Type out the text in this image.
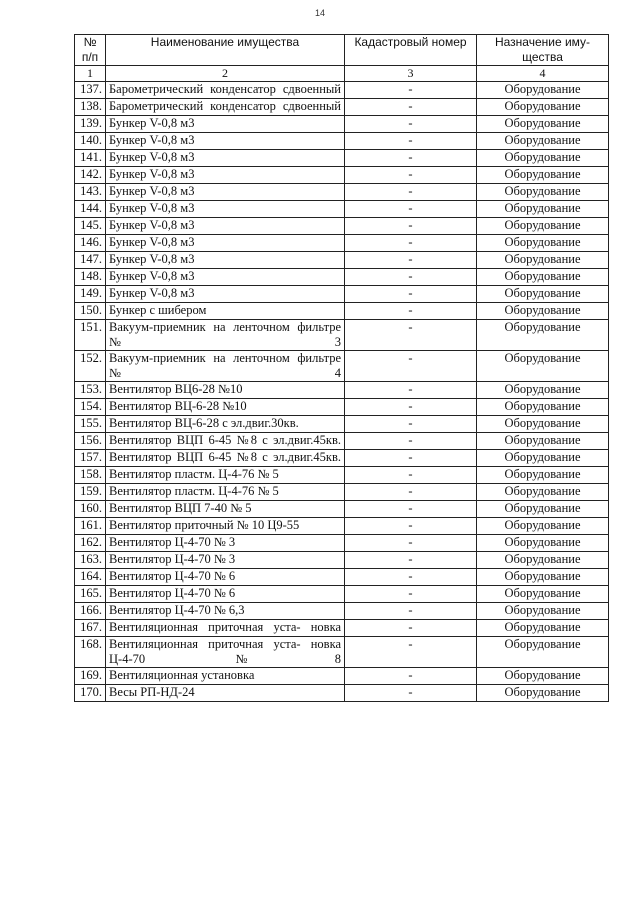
14
№ п/п	Наименование имущества	Кадастровый номер	Назначение иму- щества
1	2	3	4
137.	Барометрический конденсатор сдвоенный	-	Оборудование
138.	Барометрический конденсатор сдвоенный	-	Оборудование
139.	Бункер V-0,8 м3	-	Оборудование
140.	Бункер V-0,8 м3	-	Оборудование
141.	Бункер V-0,8 м3	-	Оборудование
142.	Бункер V-0,8 м3	-	Оборудование
143.	Бункер V-0,8 м3	-	Оборудование
144.	Бункер V-0,8 м3	-	Оборудование
145.	Бункер V-0,8 м3	-	Оборудование
146.	Бункер V-0,8 м3	-	Оборудование
147.	Бункер V-0,8 м3	-	Оборудование
148.	Бункер V-0,8 м3	-	Оборудование
149.	Бункер V-0,8 м3	-	Оборудование
150.	Бункер с шибером	-	Оборудование
151.	Вакуум-приемник на ленточном фильтре № 3	-	Оборудование
152.	Вакуум-приемник на ленточном фильтре № 4	-	Оборудование
153.	Вентилятор ВЦ6-28 №10	-	Оборудование
154.	Вентилятор ВЦ-6-28 №10	-	Оборудование
155.	Вентилятор ВЦ-6-28 с эл.двиг.30кв.	-	Оборудование
156.	Вентилятор ВЦП 6-45 №8 с эл.двиг.45кв.	-	Оборудование
157.	Вентилятор ВЦП 6-45 №8 с эл.двиг.45кв.	-	Оборудование
158.	Вентилятор пластм. Ц-4-76 № 5	-	Оборудование
159.	Вентилятор пластм. Ц-4-76 № 5	-	Оборудование
160.	Вентилятор ВЦП 7-40 № 5	-	Оборудование
161.	Вентилятор приточный № 10 Ц9-55	-	Оборудование
162.	Вентилятор Ц-4-70 № 3	-	Оборудование
163.	Вентилятор Ц-4-70 № 3	-	Оборудование
164.	Вентилятор Ц-4-70 № 6	-	Оборудование
165.	Вентилятор Ц-4-70 № 6	-	Оборудование
166.	Вентилятор Ц-4-70 № 6,3	-	Оборудование
167.	Вентиляционная приточная уста- новка	-	Оборудование
168.	Вентиляционная приточная уста- новка Ц-4-70 №8	-	Оборудование
169.	Вентиляционная установка	-	Оборудование
170.	Весы РП-НД-24	-	Оборудование
